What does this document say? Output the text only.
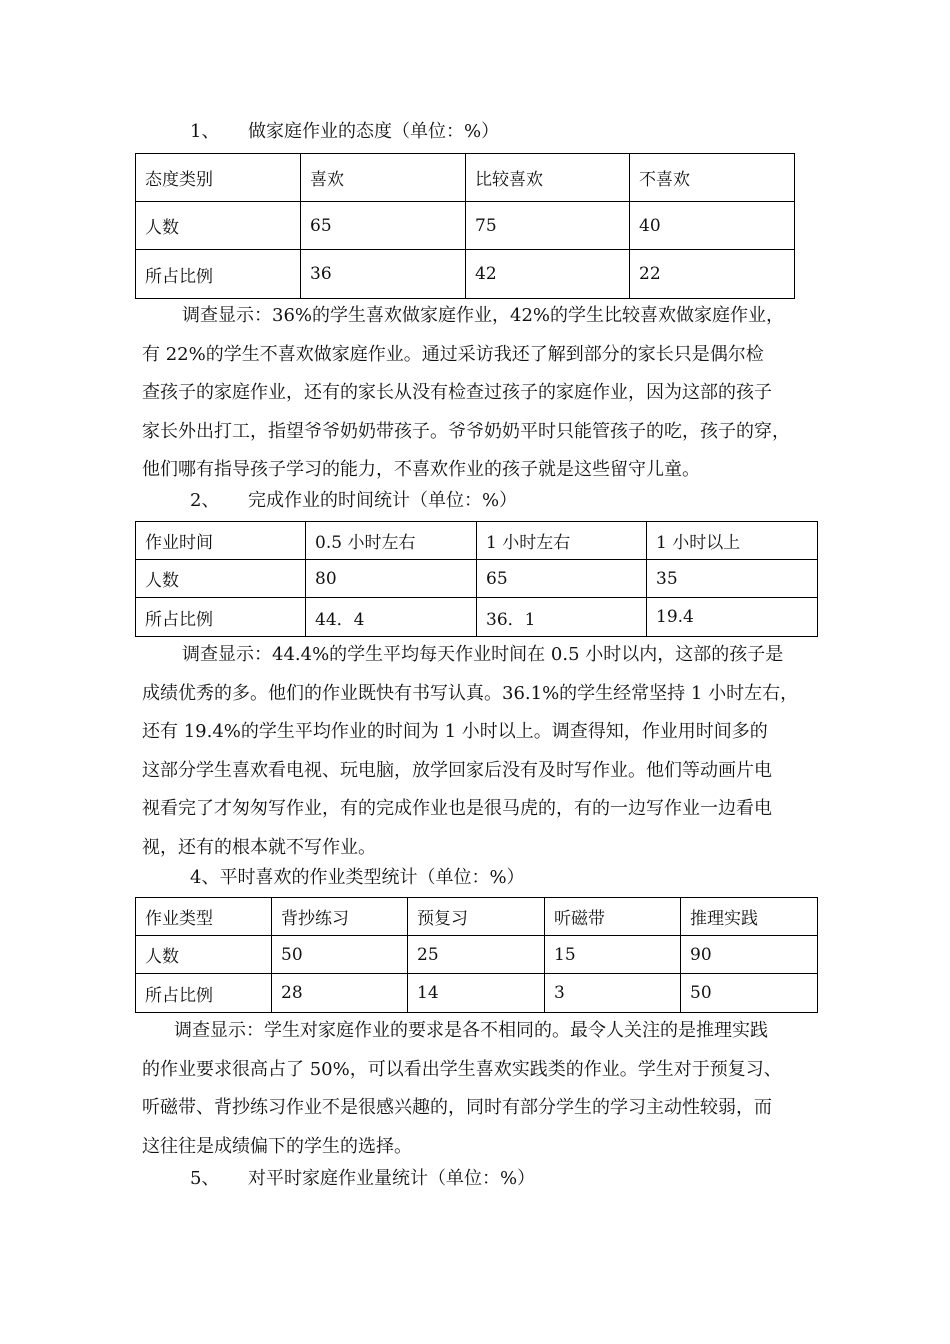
1、 做家庭作业的态度（单位：%）
态度类别	喜欢	比较喜欢	不喜欢
人数	65	75	40
所占比例	36	42	22

调查显示：36%的学生喜欢做家庭作业，42%的学生比较喜欢做家庭作业，

有 22%的学生不喜欢做家庭作业。通过采访我还了解到部分的家长只是偶尔检

查孩子的家庭作业，还有的家长从没有检查过孩子的家庭作业，因为这部的孩子

家长外出打工，指望爷爷奶奶带孩子。爷爷奶奶平时只能管孩子的吃，孩子的穿，

他们哪有指导孩子学习的能力，不喜欢作业的孩子就是这些留守儿童。

2、 完成作业的时间统计（单位：%）
作业时间	0.5 小时左右	1 小时左右	1 小时以上
人数	80	65	35
所占比例	44．4	36．1	19.4

调查显示：44.4%的学生平均每天作业时间在 0.5 小时以内，这部的孩子是

成绩优秀的多。他们的作业既快有书写认真。36.1%的学生经常坚持 1 小时左右，

还有 19.4%的学生平均作业的时间为 1 小时以上。调查得知，作业用时间多的

这部分学生喜欢看电视、玩电脑，放学回家后没有及时写作业。他们等动画片电

视看完了才匆匆写作业，有的完成作业也是很马虎的，有的一边写作业一边看电

视，还有的根本就不写作业。

4、平时喜欢的作业类型统计（单位：%）
作业类型	背抄练习	预复习	听磁带	推理实践
人数	50	25	15	90
所占比例	28	14	3	50

调查显示：学生对家庭作业的要求是各不相同的。最令人关注的是推理实践

的作业要求很高占了 50%，可以看出学生喜欢实践类的作业。学生对于预复习、

听磁带、背抄练习作业不是很感兴趣的，同时有部分学生的学习主动性较弱，而

这往往是成绩偏下的学生的选择。

5、 对平时家庭作业量统计（单位：%）
